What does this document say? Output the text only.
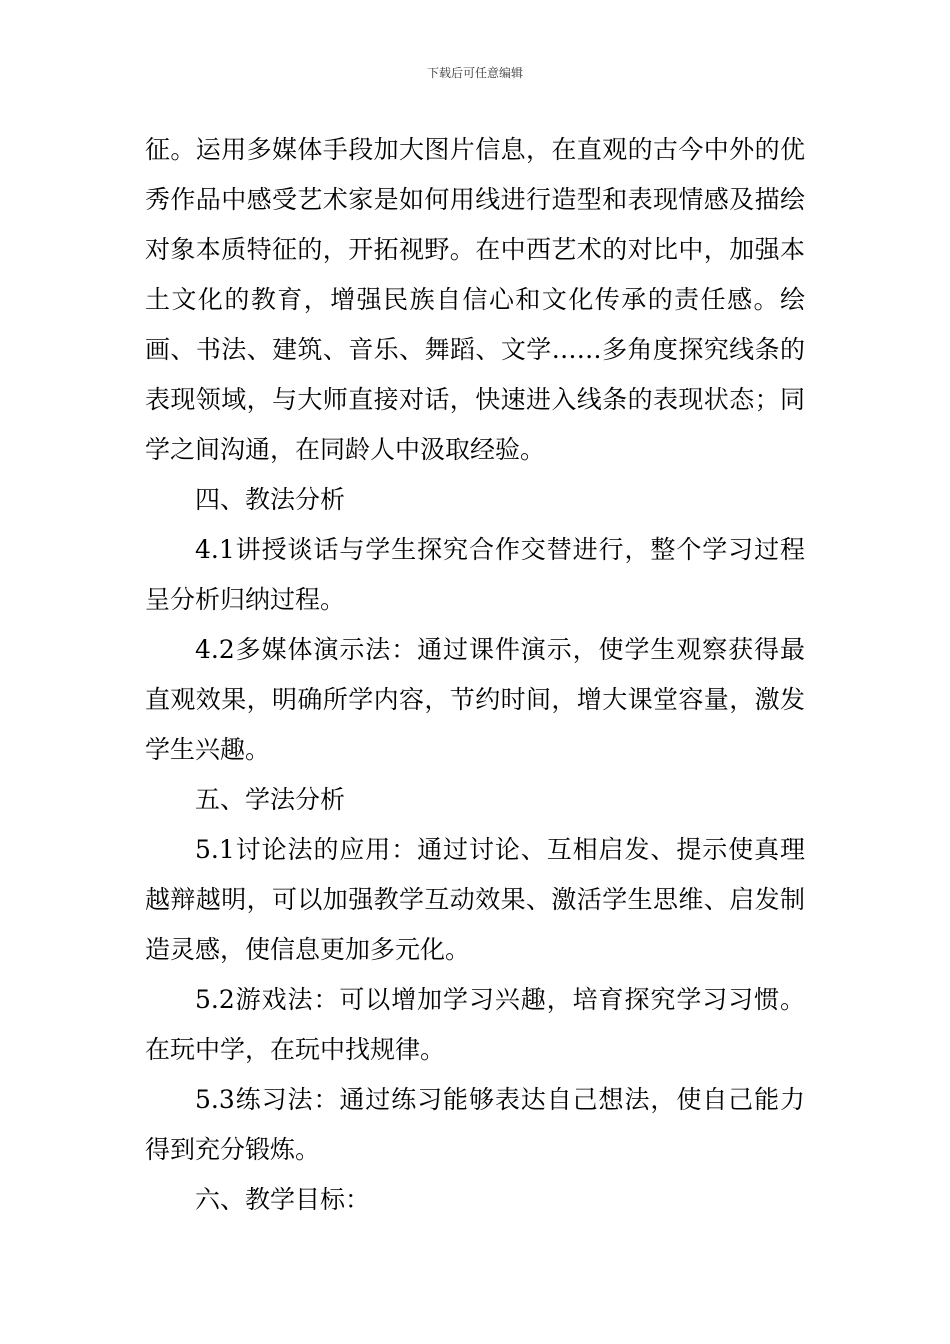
下载后可任意编辑

征。运用多媒体手段加大图片信息，在直观的古今中外的优秀作品中感受艺术家是如何用线进行造型和表现情感及描绘对象本质特征的，开拓视野。在中西艺术的对比中，加强本土文化的教育，增强民族自信心和文化传承的责任感。绘画、书法、建筑、音乐、舞蹈、文学……多角度探究线条的表现领域，与大师直接对话，快速进入线条的表现状态；同学之间沟通，在同龄人中汲取经验。

四、教法分析

4.1讲授谈话与学生探究合作交替进行，整个学习过程呈分析归纳过程。

4.2多媒体演示法：通过课件演示，使学生观察获得最直观效果，明确所学内容，节约时间，增大课堂容量，激发学生兴趣。

五、学法分析

5.1讨论法的应用：通过讨论、互相启发、提示使真理越辩越明，可以加强教学互动效果、激活学生思维、启发制造灵感，使信息更加多元化。

5.2游戏法：可以增加学习兴趣，培育探究学习习惯。在玩中学，在玩中找规律。

5.3练习法：通过练习能够表达自己想法，使自己能力得到充分锻炼。

六、教学目标：
